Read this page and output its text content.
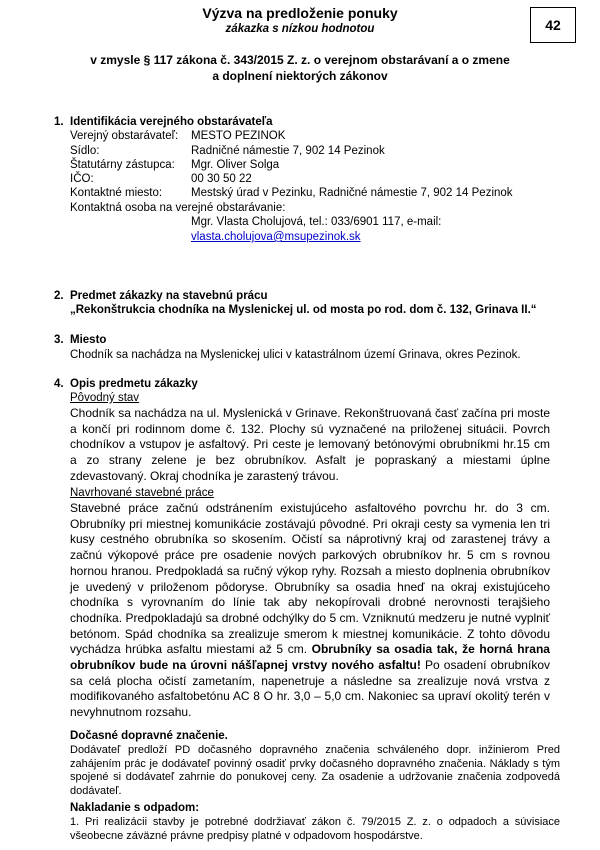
Výzva na predloženie ponuky
zákazka s nízkou hodnotou	42
v zmysle § 117 zákona č. 343/2015 Z. z. o verejnom obstarávaní a o zmene
a doplnení niektorých zákonov
1. Identifikácia verejného obstarávateľa
Verejný obstarávateľ: MESTO PEZINOK
Sídlo:	Radničné námestie 7, 902 14 Pezinok
Štatutárny zástupca: Mgr. Oliver Solga
IČO:	00 30 50 22
Kontaktné miesto:	Mestský úrad v Pezinku, Radničné námestie 7, 902 14 Pezinok
Kontaktná osoba na verejné obstarávanie:
Mgr. Vlasta Cholujová, tel.: 033/6901 117, e-mail:
vlasta.cholujova@msupezinok.sk
2. Predmet zákazky na stavebnú prácu
„Rekonštrukcia chodníka na Myslenickej ul. od mosta po rod. dom č. 132, Grinava II.“
3. Miesto
Chodník sa nachádza na Myslenickej ulici v katastrálnom území Grinava, okres Pezinok.
4. Opis predmetu zákazky
Pôvodný stav
Chodník sa nachádza na ul. Myslenická v Grinave. Rekonštruovaná časť začína pri moste a končí pri rodinnom dome č. 132. Plochy sú vyznačené na priloženej situácii. Povrch chodníkov a vstupov je asfaltový. Pri ceste je lemovaný betónovými obrubníkmi hr.15 cm a zo strany zelene je bez obrubníkov. Asfalt je popraskaný a miestami úplne zdevastovaný. Okraj chodníka je zarastený trávou.
Navrhované stavebné práce
Stavebné práce začnú odstránením existujúceho asfaltového povrchu hr. do 3 cm. Obrubníky pri miestnej komunikácie zostávajú pôvodné. Pri okraji cesty sa vymenia len tri kusy cestného obrubníka so skosením. Očistí sa náprotivný kraj od zarastenej trávy a začnú výkopové práce pre osadenie nových parkových obrubníkov hr. 5 cm s rovnou hornou hranou. Predpokladá sa ručný výkop ryhy. Rozsah a miesto doplnenia obrubníkov je uvedený v priloženom pôdoryse. Obrubníky sa osadia hneď na okraj existujúceho chodníka s vyrovnaním do línie tak aby nekopírovali drobné nerovnosti terajšieho chodníka. Predpokladajú sa drobné odchýlky do 5 cm. Vzniknutú medzeru je nutné vyplniť betónom. Spád chodníka sa zrealizuje smerom k miestnej komunikácie. Z tohto dôvodu vychádza hrúbka asfaltu miestami až 5 cm. Obrubníky sa osadia tak, že horná hrana obrubníkov bude na úrovni nášľapnej vrstvy nového asfaltu! Po osadení obrubníkov sa celá plocha očistí zametaním, napenetruje a následne sa zrealizuje nová vrstva z modifikovaného asfaltobetónu AC 8 O hr. 3,0 – 5,0 cm. Nakoniec sa upraví okolitý terén v nevyhnutnom rozsahu.
Dočasné dopravné značenie.
Dodávateľ predloží PD dočasného dopravného značenia schváleného dopr. inžinierom Pred zahájením prác je dodávateľ povinný osadiť prvky dočasného dopravného značenia. Náklady s tým spojené si dodávateľ zahrnie do ponukovej ceny. Za osadenie a udržovanie značenia zodpovedá dodávateľ.
Nakladanie s odpadom:
1. Pri realizácii stavby je potrebné dodržiavať zákon č. 79/2015 Z. z. o odpadoch a súvisiace všeobecne záväzné právne predpisy platné v odpadovom hospodárstve.
